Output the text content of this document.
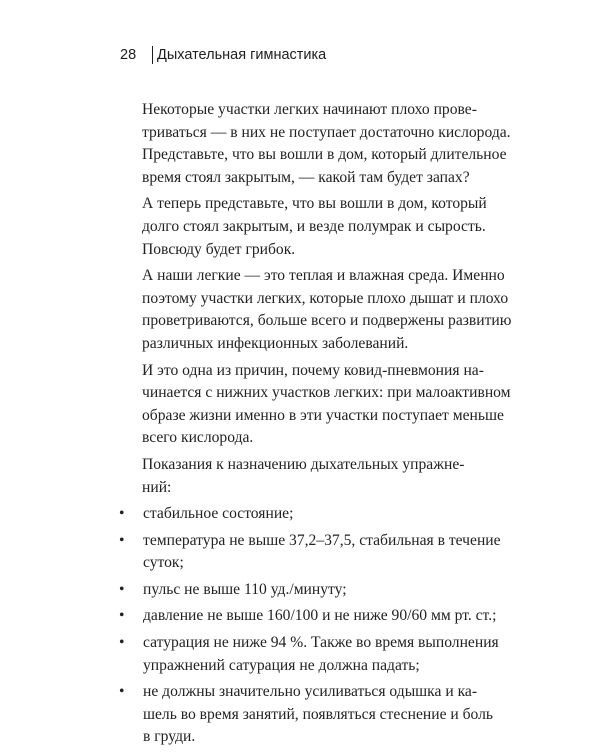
28	Дыхательная гимнастика

Некоторые участки легких начинают плохо прове-
триваться — в них не поступает достаточно кислорода.
Представьте, что вы вошли в дом, который длительное
время стоял закрытым, — какой там будет запах?

А теперь представьте, что вы вошли в дом, который
долго стоял закрытым, и везде полумрак и сырость.
Повсюду будет грибок.

А наши легкие — это теплая и влажная среда. Именно
поэтому участки легких, которые плохо дышат и плохо
проветриваются, больше всего и подвержены развитию
различных инфекционных заболеваний.

И это одна из причин, почему ковид-пневмония на-
чинается с нижних участков легких: при малоактивном
образе жизни именно в эти участки поступает меньше
всего кислорода.

Показания к назначению дыхательных упражне-
ний:

• стабильное состояние;
• температура не выше 37,2–37,5, стабильная в течение
суток;
• пульс не выше 110 уд./минуту;
• давление не выше 160/100 и не ниже 90/60 мм рт. ст.;
• сатурация не ниже 94 %. Также во время выполнения
упражнений сатурация не должна падать;
• не должны значительно усиливаться одышка и ка-
шель во время занятий, появляться стеснение и боль
в груди.
